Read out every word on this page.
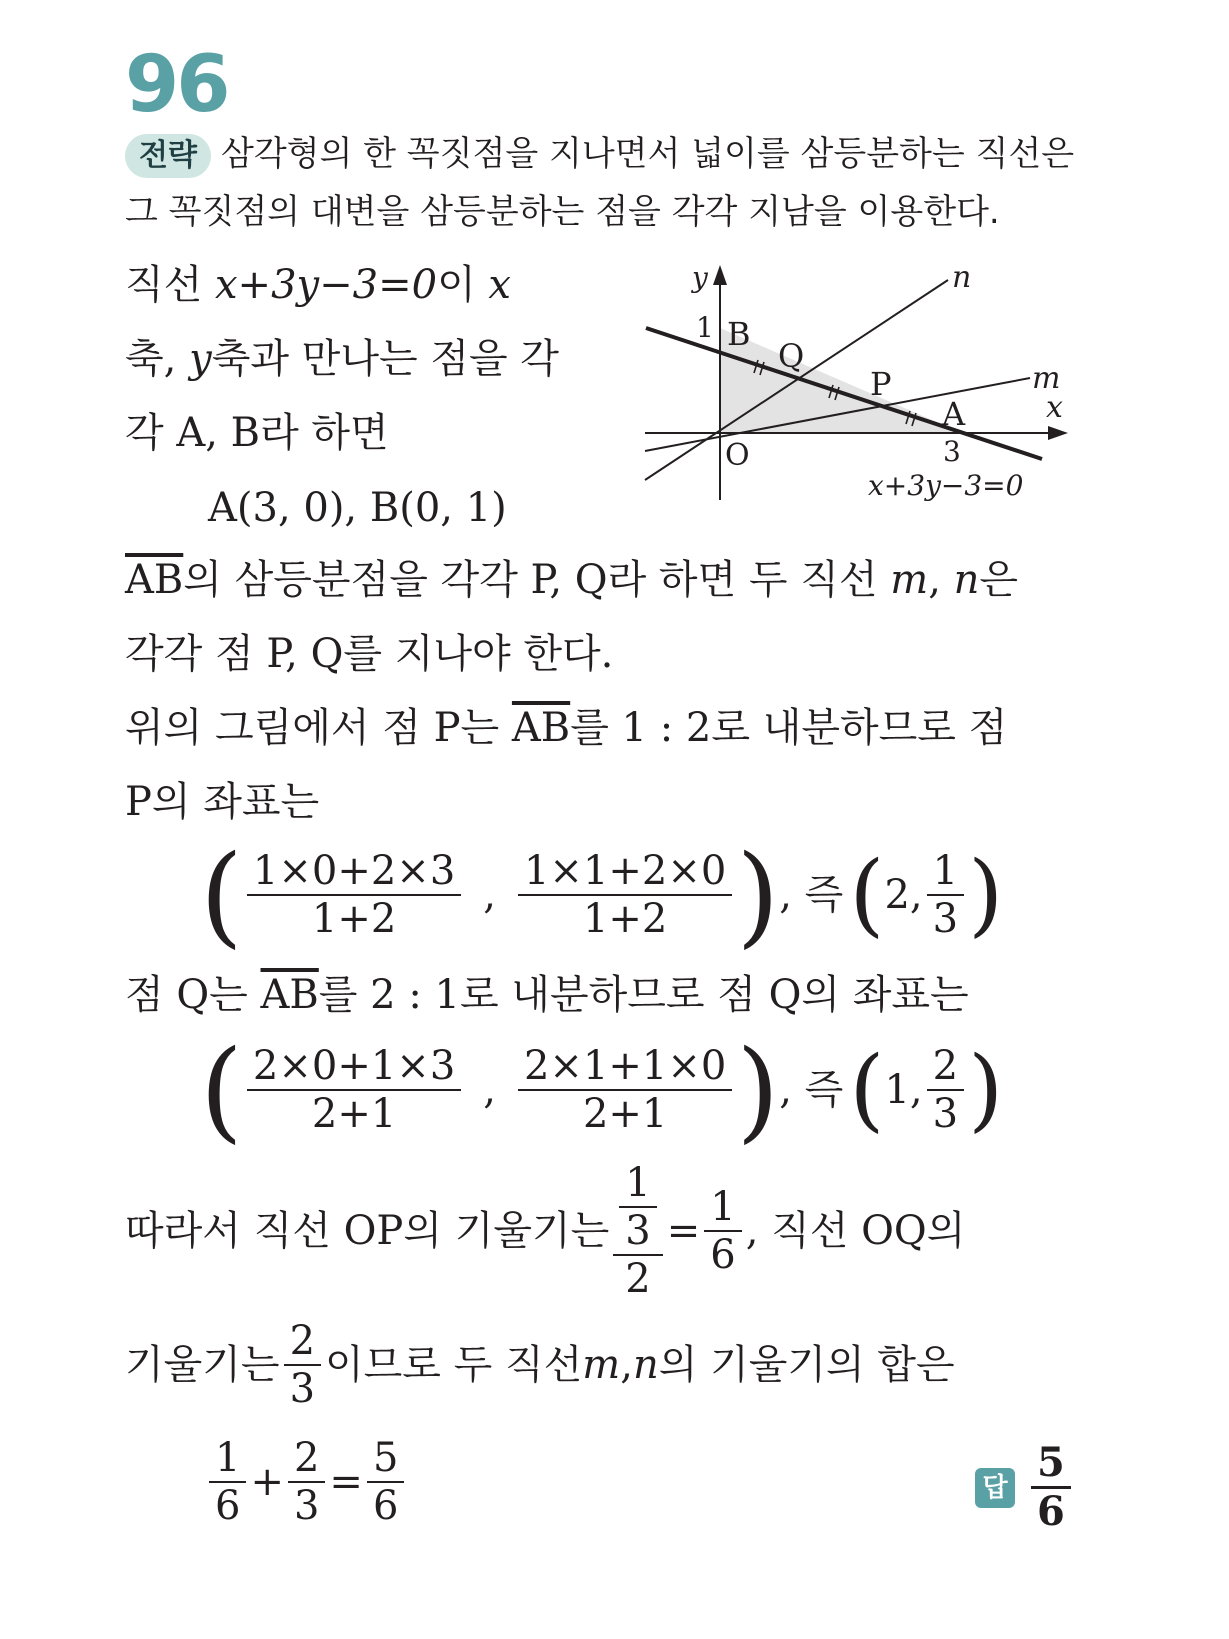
96
전략 삼각형의 한 꼭짓점을 지나면서 넓이를 삼등분하는 직선은
그 꼭짓점의 대변을 삼등분하는 점을 각각 지남을 이용한다.
직선 x+3y−3=0이 x
축, y축과 만나는 점을 각
각 A, B라 하면
A(3, 0), B(0, 1)
y	n
1 B
Q
P	m
A	x
O	3
x+3y−3=0
$\overline{AB}$의 삼등분점을 각각 P, Q라 하면 두 직선 m, n은
각각 점 P, Q를 지나야 한다.
위의 그림에서 점 P는 $\overline{AB}$를 1 : 2로 내분하므로 점
P의 좌표는
( $\frac{1\times 0+2\times 3}{1+2}$ , $\frac{1\times 1+2\times 0}{1+2}$ ) , 즉 ( 2, $\frac{1}{3}$ )
점 Q는 $\overline{AB}$를 2 : 1로 내분하므로 점 Q의 좌표는
( $\frac{2\times 0+1\times 3}{2+1}$ , $\frac{2\times 1+1\times 0}{2+1}$ ) , 즉 ( 1, $\frac{2}{3}$ )
따라서 직선 OP의 기울기는 $\frac{\frac{1}{3}}{2} = \frac{1}{6}$ , 직선 OQ의
기울기는 $\frac{2}{3}$ 이므로 두 직선 m , n 의 기울기의 합은
$\frac{1}{6} + \frac{2}{3} = \frac{5}{6}$	답 $\frac{5}{6}$
